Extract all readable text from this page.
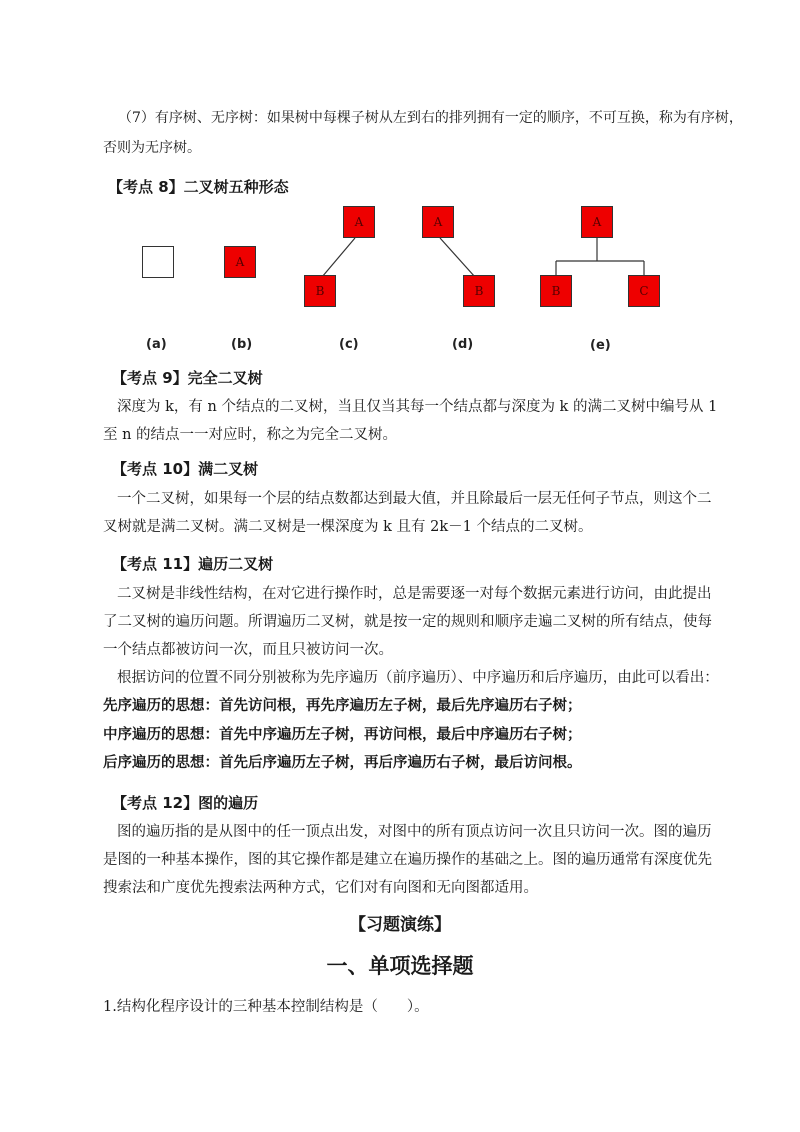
（7）有序树、无序树：如果树中每棵子树从左到右的排列拥有一定的顺序，不可互换，称为有序树，
否则为无序树。
【考点 8】二叉树五种形态
A
A
B
A
B
A
B	C
(a)	(b)	(c)	(d)	(e)
【考点 9】完全二叉树
深度为 k，有 n 个结点的二叉树，当且仅当其每一个结点都与深度为 k 的满二叉树中编号从 1 至 n 的结点一一对应时，称之为完全二叉树。
【考点 10】满二叉树
一个二叉树，如果每一个层的结点数都达到最大值，并且除最后一层无任何子节点，则这个二叉树就是满二叉树。满二叉树是一棵深度为 k 且有 2k－1 个结点的二叉树。
【考点 11】遍历二叉树
二叉树是非线性结构，在对它进行操作时，总是需要逐一对每个数据元素进行访问，由此提出了二叉树的遍历问题。所谓遍历二叉树，就是按一定的规则和顺序走遍二叉树的所有结点，使每一个结点都被访问一次，而且只被访问一次。
根据访问的位置不同分别被称为先序遍历（前序遍历）、中序遍历和后序遍历，由此可以看出：
先序遍历的思想：首先访问根，再先序遍历左子树，最后先序遍历右子树；
中序遍历的思想：首先中序遍历左子树，再访问根，最后中序遍历右子树；
后序遍历的思想：首先后序遍历左子树，再后序遍历右子树，最后访问根。
【考点 12】图的遍历
图的遍历指的是从图中的任一顶点出发，对图中的所有顶点访问一次且只访问一次。图的遍历是图的一种基本操作，图的其它操作都是建立在遍历操作的基础之上。图的遍历通常有深度优先搜索法和广度优先搜索法两种方式，它们对有向图和无向图都适用。
【习题演练】
一、单项选择题
1.结构化程序设计的三种基本控制结构是（　　）。
